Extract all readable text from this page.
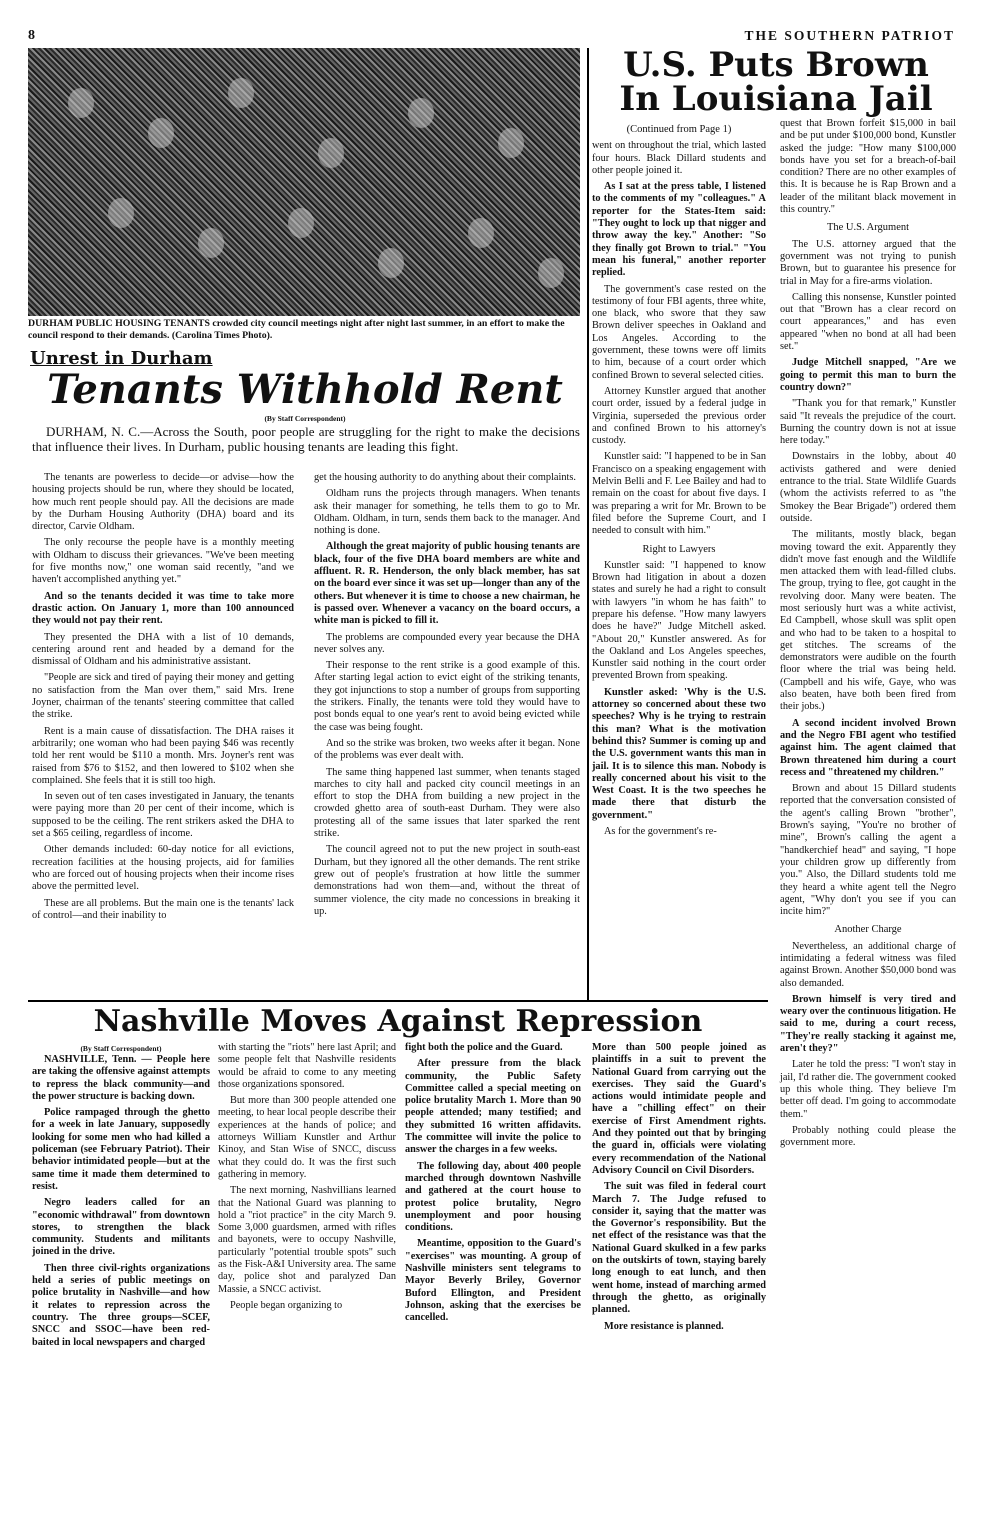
8	THE SOUTHERN PATRIOT
DURHAM PUBLIC HOUSING TENANTS crowded city council meetings night after night last summer, in an effort to make the council respond to their demands. (Carolina Times Photo).
Unrest in Durham
Tenants Withhold Rent
(By Staff Correspondent)
DURHAM, N. C.—Across the South, poor people are struggling for the right to make the decisions that influence their lives. In Durham, public housing tenants are leading this fight.

The tenants are powerless to decide—or advise—how the housing projects should be run, where they should be located, how much rent people should pay. All the decisions are made by the Durham Housing Authority (DHA) board and its director, Carvie Oldham.

The only recourse the people have is a monthly meeting with Oldham to discuss their grievances. "We've been meeting for five months now," one woman said recently, "and we haven't accomplished anything yet."

And so the tenants decided it was time to take more drastic action. On January 1, more than 100 announced they would not pay their rent.

They presented the DHA with a list of 10 demands, centering around rent and headed by a demand for the dismissal of Oldham and his administrative assistant.

"People are sick and tired of paying their money and getting no satisfaction from the Man over them," said Mrs. Irene Joyner, chairman of the tenants' steering committee that called the strike.

Rent is a main cause of dissatisfaction. The DHA raises it arbitrarily; one woman who had been paying $46 was recently told her rent would be $110 a month. Mrs. Joyner's rent was raised from $76 to $152, and then lowered to $102 when she complained. She feels that it is still too high.

In seven out of ten cases investigated in January, the tenants were paying more than 20 per cent of their income, which is supposed to be the ceiling. The rent strikers asked the DHA to set a $65 ceiling, regardless of income.

Other demands included: 60-day notice for all evictions, recreation facilities at the housing projects, aid for families who are forced out of housing projects when their income rises above the permitted level.

These are all problems. But the main one is the tenants' lack of control—and their inability to

get the housing authority to do anything about their complaints.

Oldham runs the projects through managers. When tenants ask their manager for something, he tells them to go to Mr. Oldham. Oldham, in turn, sends them back to the manager. And nothing is done.

Although the great majority of public housing tenants are black, four of the five DHA board members are white and affluent. R. R. Henderson, the only black member, has sat on the board ever since it was set up—longer than any of the others. But whenever it is time to choose a new chairman, he is passed over. Whenever a vacancy on the board occurs, a white man is picked to fill it.

The problems are compounded every year because the DHA never solves any.

Their response to the rent strike is a good example of this. After starting legal action to evict eight of the striking tenants, they got injunctions to stop a number of groups from supporting the strikers. Finally, the tenants were told they would have to post bonds equal to one year's rent to avoid being evicted while the case was being fought.

And so the strike was broken, two weeks after it began. None of the problems was ever dealt with.

The same thing happened last summer, when tenants staged marches to city hall and packed city council meetings in an effort to stop the DHA from building a new project in the crowded ghetto area of south-east Durham. They were also protesting all of the same issues that later sparked the rent strike.

The council agreed not to put the new project in south-east Durham, but they ignored all the other demands. The rent strike grew out of people's frustration at how little the summer demonstrations had won them—and, without the threat of summer violence, the city made no concessions in breaking it up.

U.S. Puts Brown
In Louisiana Jail

(Continued from Page 1)

went on throughout the trial, which lasted four hours. Black Dillard students and other people joined it.

As I sat at the press table, I listened to the comments of my "colleagues." A reporter for the States-Item said: "They ought to lock up that nigger and throw away the key." Another: "So they finally got Brown to trial." "You mean his funeral," another reporter replied.

The government's case rested on the testimony of four FBI agents, three white, one black, who swore that they saw Brown deliver speeches in Oakland and Los Angeles. According to the government, these towns were off limits to him, because of a court order which confined Brown to several selected cities.

Attorney Kunstler argued that another court order, issued by a federal judge in Virginia, superseded the previous order and confined Brown to his attorney's custody.

Kunstler said: "I happened to be in San Francisco on a speaking engagement with Melvin Belli and F. Lee Bailey and had to remain on the coast for about five days. I was preparing a writ for Mr. Brown to be filed before the Supreme Court, and I needed to consult with him."

Right to Lawyers

Kunstler said: "I happened to know Brown had litigation in about a dozen states and surely he had a right to consult with lawyers "in whom he has faith" to prepare his defense. "How many lawyers does he have?" Judge Mitchell asked. "About 20," Kunstler answered. As for the Oakland and Los Angeles speeches, Kunstler said nothing in the court order prevented Brown from speaking.

Kunstler asked: 'Why is the U.S. attorney so concerned about these two speeches? Why is he trying to restrain this man? What is the motivation behind this? Summer is coming up and the U.S. government wants this man in jail. It is to silence this man. Nobody is really concerned about his visit to the West Coast. It is the two speeches he made there that disturb the government."

As for the government's re-

quest that Brown forfeit $15,000 in bail and be put under $100,000 bond, Kunstler asked the judge: "How many $100,000 bonds have you set for a breach-of-bail condition? There are no other examples of this. It is because he is Rap Brown and a leader of the militant black movement in this country."

The U.S. Argument

The U.S. attorney argued that the government was not trying to punish Brown, but to guarantee his presence for trial in May for a fire-arms violation.

Calling this nonsense, Kunstler pointed out that "Brown has a clear record on court appearances," and has even appeared "when no bond at all had been set."

Judge Mitchell snapped, "Are we going to permit this man to burn the country down?"

"Thank you for that remark," Kunstler said "It reveals the prejudice of the court. Burning the country down is not at issue here today."

Downstairs in the lobby, about 40 activists gathered and were denied entrance to the trial. State Wildlife Guards (whom the activists referred to as "the Smokey the Bear Brigade") ordered them outside.

The militants, mostly black, began moving toward the exit. Apparently they didn't move fast enough and the Wildlife men attacked them with lead-filled clubs. The group, trying to flee, got caught in the revolving door. Many were beaten. The most seriously hurt was a white activist, Ed Campbell, whose skull was split open and who had to be taken to a hospital to get stitches. The screams of the demonstrators were audible on the fourth floor where the trial was being held. (Campbell and his wife, Gaye, who was also beaten, have both been fired from their jobs.)

A second incident involved Brown and the Negro FBI agent who testified against him. The agent claimed that Brown threatened him during a court recess and "threatened my children."

Brown and about 15 Dillard students reported that the conversation consisted of the agent's calling Brown "brother", Brown's saying, "You're no brother of mine", Brown's calling the agent a "handkerchief head" and saying, "I hope your children grow up differently from you." Also, the Dillard students told me they heard a white agent tell the Negro agent, "Why don't you see if you can incite him?"

Another Charge

Nevertheless, an additional charge of intimidating a federal witness was filed against Brown. Another $50,000 bond was also demanded.

Brown himself is very tired and weary over the continuous litigation. He said to me, during a court recess, "They're really stacking it against me, aren't they?"

Later he told the press: "I won't stay in jail, I'd rather die. The government cooked up this whole thing. They believe I'm better off dead. I'm going to accommodate them."

Probably nothing could please the government more.

Nashville Moves Against Repression
(By Staff Correspondent)

NASHVILLE, Tenn. — People here are taking the offensive against attempts to repress the black community—and the power structure is backing down.

Police rampaged through the ghetto for a week in late January, supposedly looking for some men who had killed a policeman (see February Patriot). Their behavior intimidated people—but at the same time it made them determined to resist.

Negro leaders called for an "economic withdrawal" from downtown stores, to strengthen the black community. Students and militants joined in the drive.

Then three civil-rights organizations held a series of public meetings on police brutality in Nashville—and how it relates to repression across the country. The three groups—SCEF, SNCC and SSOC—have been red-baited in local newspapers and charged

with starting the "riots" here last April; and some people felt that Nashville residents would be afraid to come to any meeting those organizations sponsored.

But more than 300 people attended one meeting, to hear local people describe their experiences at the hands of police; and attorneys William Kunstler and Arthur Kinoy, and Stan Wise of SNCC, discuss what they could do. It was the first such gathering in memory.

The next morning, Nashvillians learned that the National Guard was planning to hold a "riot practice" in the city March 9. Some 3,000 guardsmen, armed with rifles and bayonets, were to occupy Nashville, particularly "potential trouble spots" such as the Fisk-A&I University area. The same day, police shot and paralyzed Dan Massie, a SNCC activist.

People began organizing to

fight both the police and the Guard.

After pressure from the black community, the Public Safety Committee called a special meeting on police brutality March 1. More than 90 people attended; many testified; and they submitted 16 written affidavits. The committee will invite the police to answer the charges in a few weeks.

The following day, about 400 people marched through downtown Nashville and gathered at the court house to protest police brutality, Negro unemployment and poor housing conditions.

Meantime, opposition to the Guard's "exercises" was mounting. A group of Nashville ministers sent telegrams to Mayor Beverly Briley, Governor Buford Ellington, and President Johnson, asking that the exercises be cancelled.

More than 500 people joined as plaintiffs in a suit to prevent the National Guard from carrying out the exercises. They said the Guard's actions would intimidate people and have a "chilling effect" on their exercise of First Amendment rights. And they pointed out that by bringing the guard in, officials were violating every recommendation of the National Advisory Council on Civil Disorders.

The suit was filed in federal court March 7. The Judge refused to consider it, saying that the matter was the Governor's responsibility. But the net effect of the resistance was that the National Guard skulked in a few parks on the outskirts of town, staying barely long enough to eat lunch, and then went home, instead of marching armed through the ghetto, as originally planned.

More resistance is planned.
